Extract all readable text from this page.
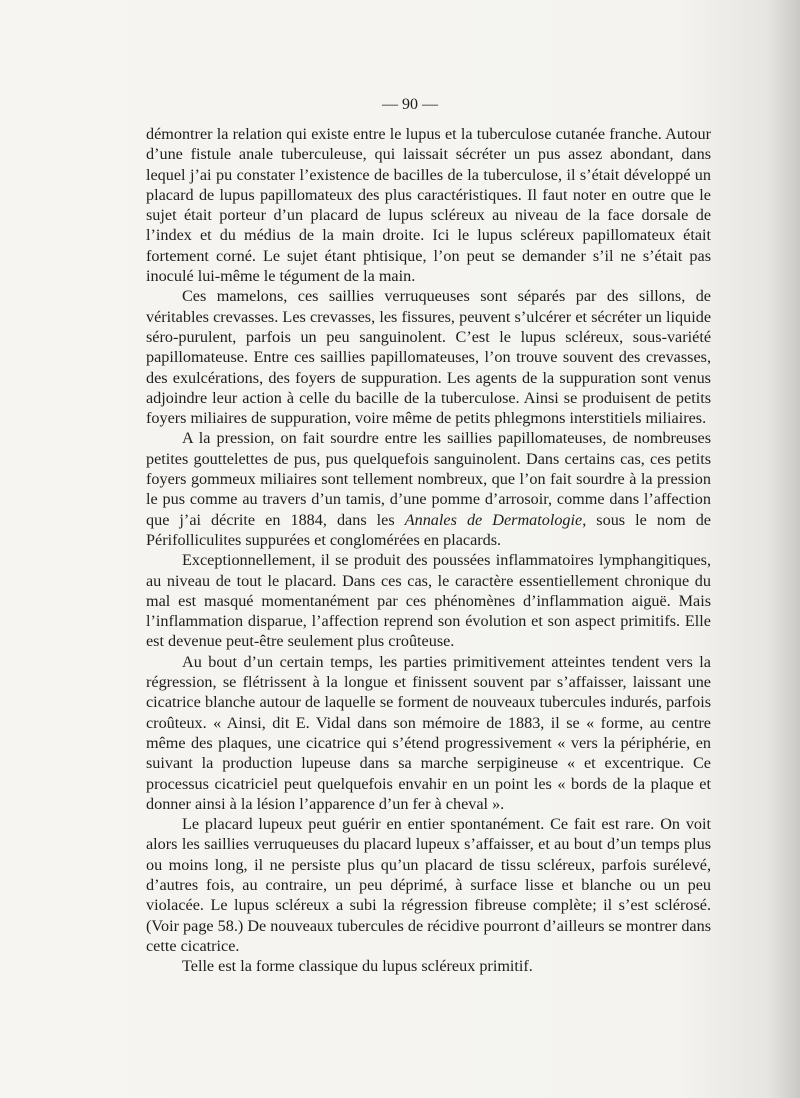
— 90 —

démontrer la relation qui existe entre le lupus et la tuberculose cutanée franche. Autour d’une fistule anale tuberculeuse, qui laissait sécréter un pus assez abondant, dans lequel j’ai pu constater l’existence de bacilles de la tuberculose, il s’était développé un placard de lupus papillomateux des plus caractéristiques. Il faut noter en outre que le sujet était porteur d’un placard de lupus scléreux au niveau de la face dorsale de l’index et du médius de la main droite. Ici le lupus scléreux papillomateux était fortement corné. Le sujet étant phtisique, l’on peut se demander s’il ne s’était pas inoculé lui-même le tégument de la main.

Ces mamelons, ces saillies verruqueuses sont séparés par des sillons, de véritables crevasses. Les crevasses, les fissures, peuvent s’ulcérer et sécréter un liquide séro-purulent, parfois un peu sanguinolent. C’est le lupus scléreux, sous-variété papillomateuse. Entre ces saillies papillomateuses, l’on trouve souvent des crevasses, des exulcérations, des foyers de suppuration. Les agents de la suppuration sont venus adjoindre leur action à celle du bacille de la tuberculose. Ainsi se produisent de petits foyers miliaires de suppuration, voire même de petits phlegmons interstitiels miliaires.

A la pression, on fait sourdre entre les saillies papillomateuses, de nombreuses petites gouttelettes de pus, pus quelquefois sanguinolent. Dans certains cas, ces petits foyers gommeux miliaires sont tellement nombreux, que l’on fait sourdre à la pression le pus comme au travers d’un tamis, d’une pomme d’arrosoir, comme dans l’affection que j’ai décrite en 1884, dans les Annales de Dermatologie, sous le nom de Périfolliculites suppurées et conglomérées en placards.

Exceptionnellement, il se produit des poussées inflammatoires lymphangitiques, au niveau de tout le placard. Dans ces cas, le caractère essentiellement chronique du mal est masqué momentanément par ces phénomènes d’inflammation aiguë. Mais l’inflammation disparue, l’affection reprend son évolution et son aspect primitifs. Elle est devenue peut-être seulement plus croûteuse.

Au bout d’un certain temps, les parties primitivement atteintes tendent vers la régression, se flétrissent à la longue et finissent souvent par s’affaisser, laissant une cicatrice blanche autour de laquelle se forment de nouveaux tubercules indurés, parfois croûteux. « Ainsi, dit E. Vidal dans son mémoire de 1883, il se « forme, au centre même des plaques, une cicatrice qui s’étend progressivement « vers la périphérie, en suivant la production lupeuse dans sa marche serpigineuse « et excentrique. Ce processus cicatriciel peut quelquefois envahir en un point les « bords de la plaque et donner ainsi à la lésion l’apparence d’un fer à cheval ».

Le placard lupeux peut guérir en entier spontanément. Ce fait est rare. On voit alors les saillies verruqueuses du placard lupeux s’affaisser, et au bout d’un temps plus ou moins long, il ne persiste plus qu’un placard de tissu scléreux, parfois surélevé, d’autres fois, au contraire, un peu déprimé, à surface lisse et blanche ou un peu violacée. Le lupus scléreux a subi la régression fibreuse complète; il s’est sclérosé. (Voir page 58.) De nouveaux tubercules de récidive pourront d’ailleurs se montrer dans cette cicatrice.

Telle est la forme classique du lupus scléreux primitif.
